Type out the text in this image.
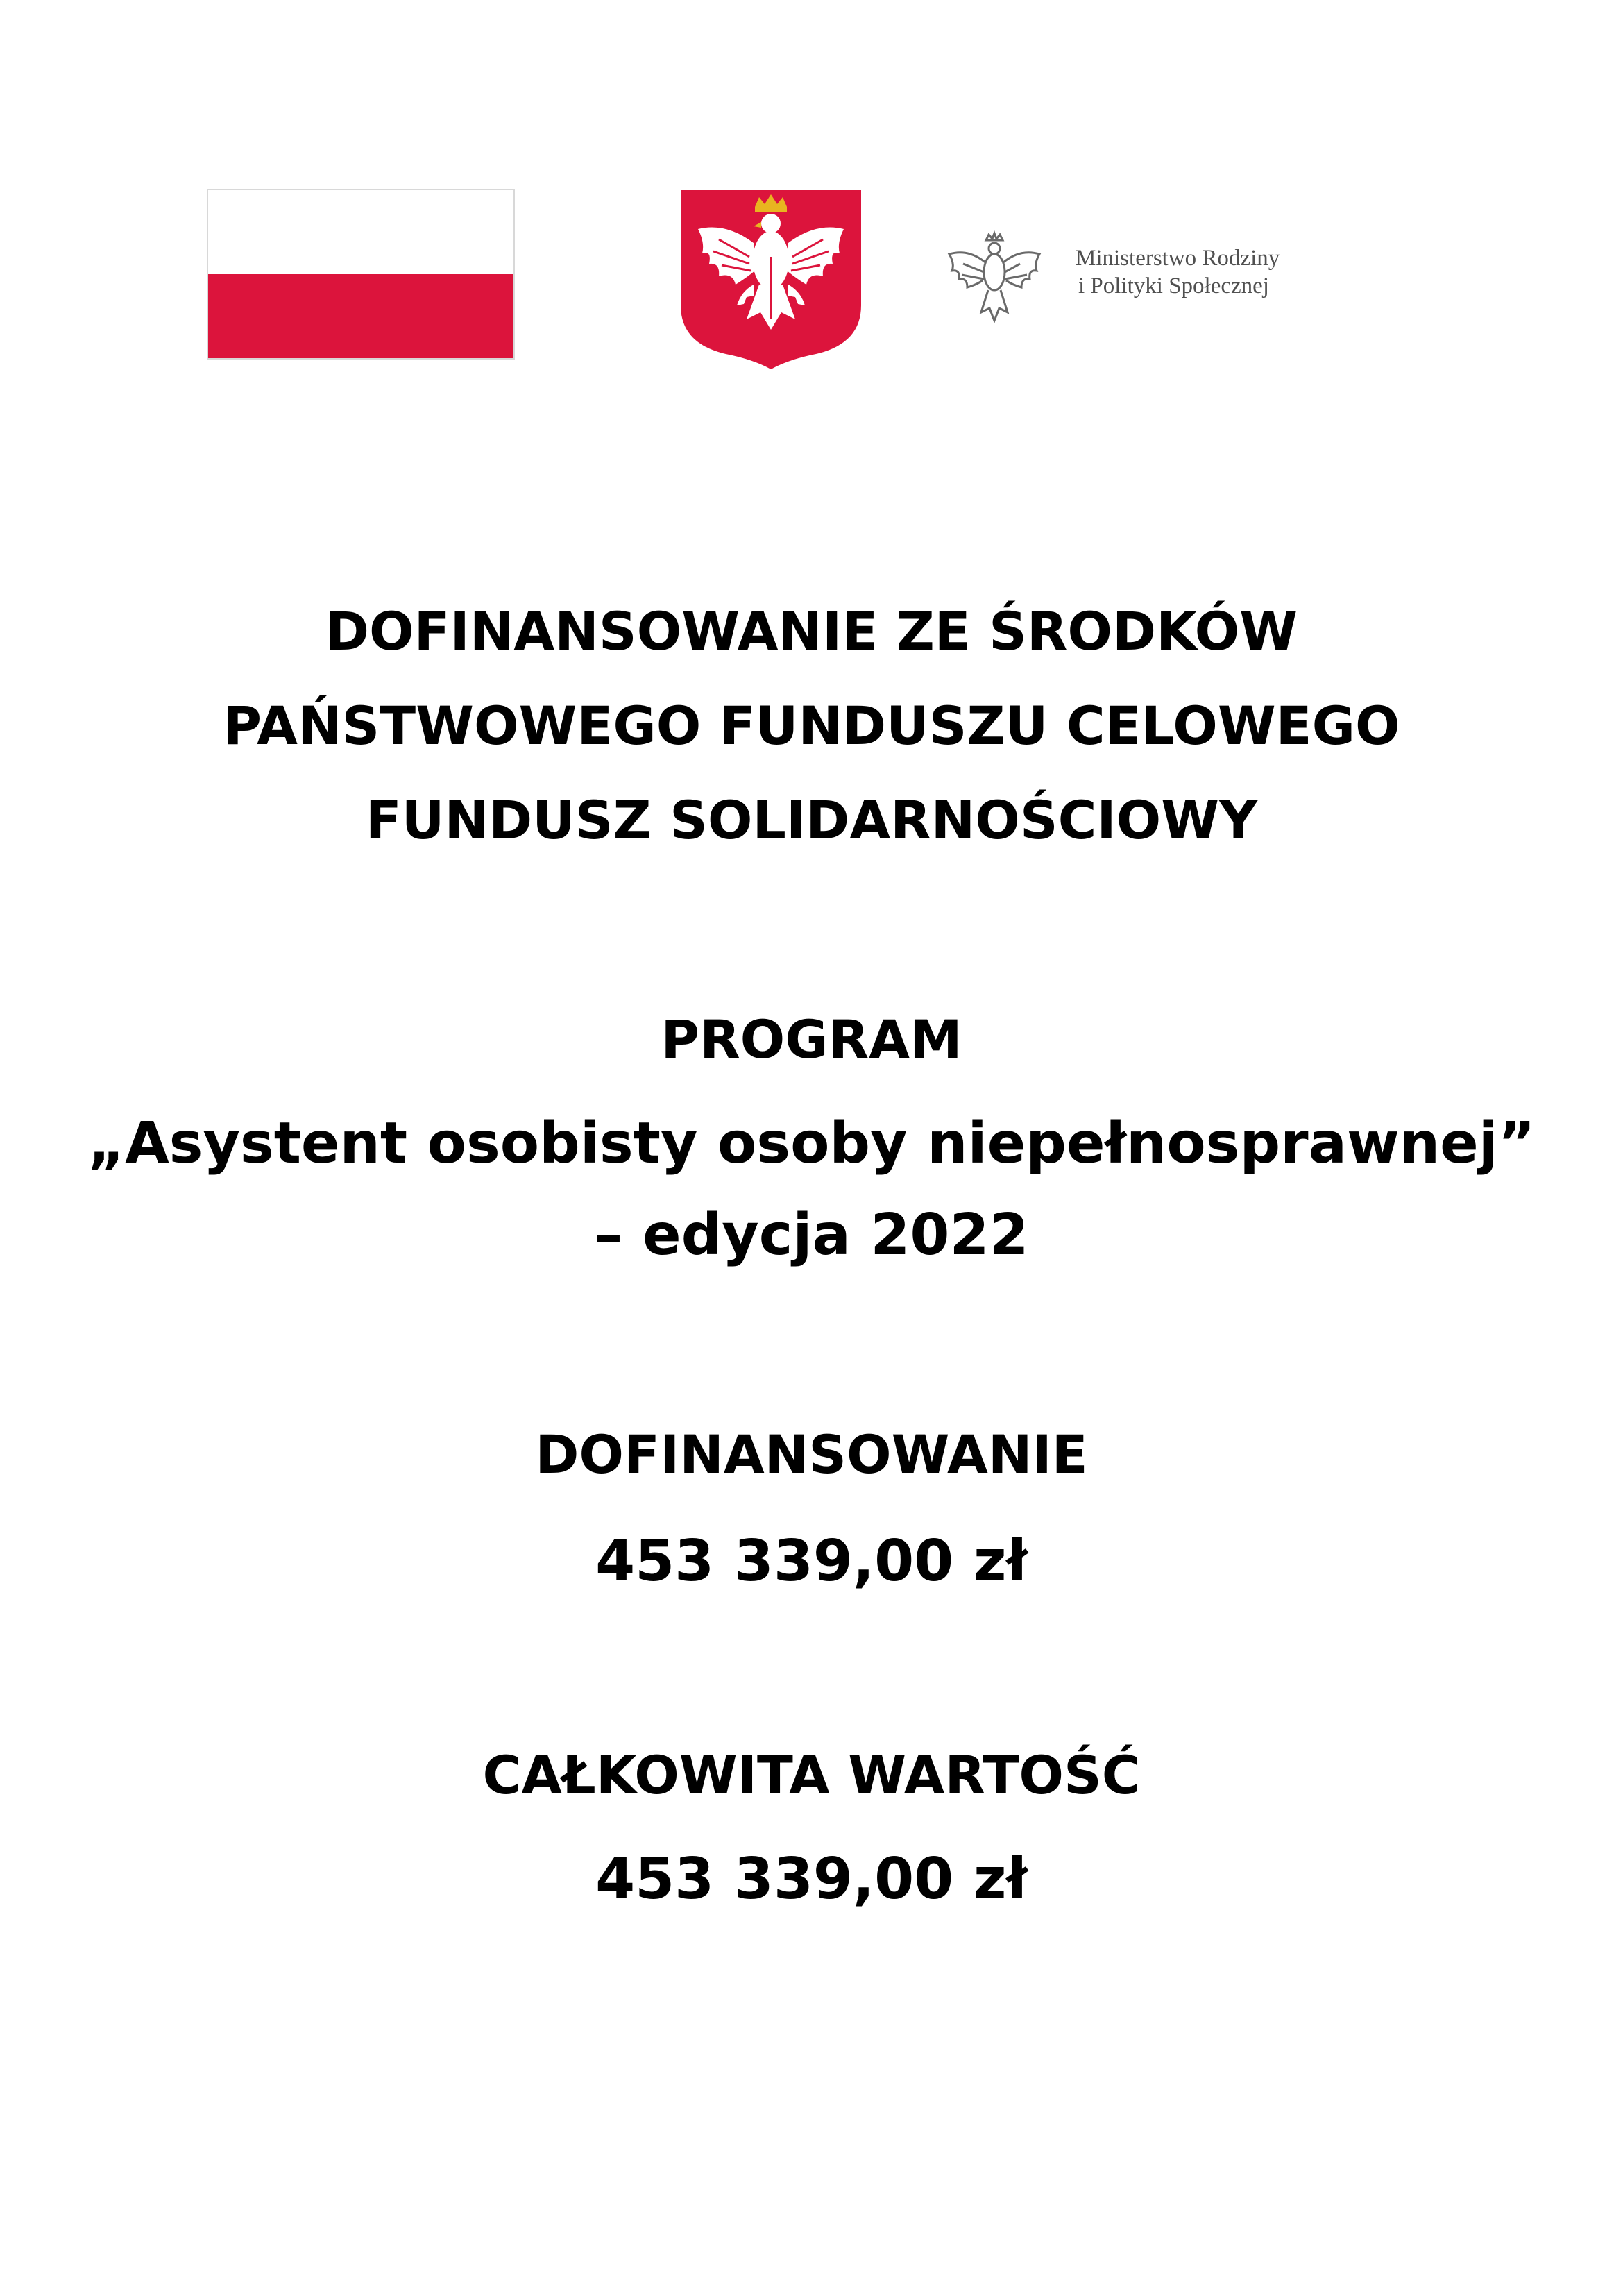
Ministerstwo Rodziny
i Polityki Społecznej
DOFINANSOWANIE ZE ŚRODKÓW
PAŃSTWOWEGO FUNDUSZU CELOWEGO
FUNDUSZ SOLIDARNOŚCIOWY
PROGRAM
„Asystent osobisty osoby niepełnosprawnej”
– edycja 2022
DOFINANSOWANIE
453 339,00 zł
CAŁKOWITA WARTOŚĆ
453 339,00 zł
